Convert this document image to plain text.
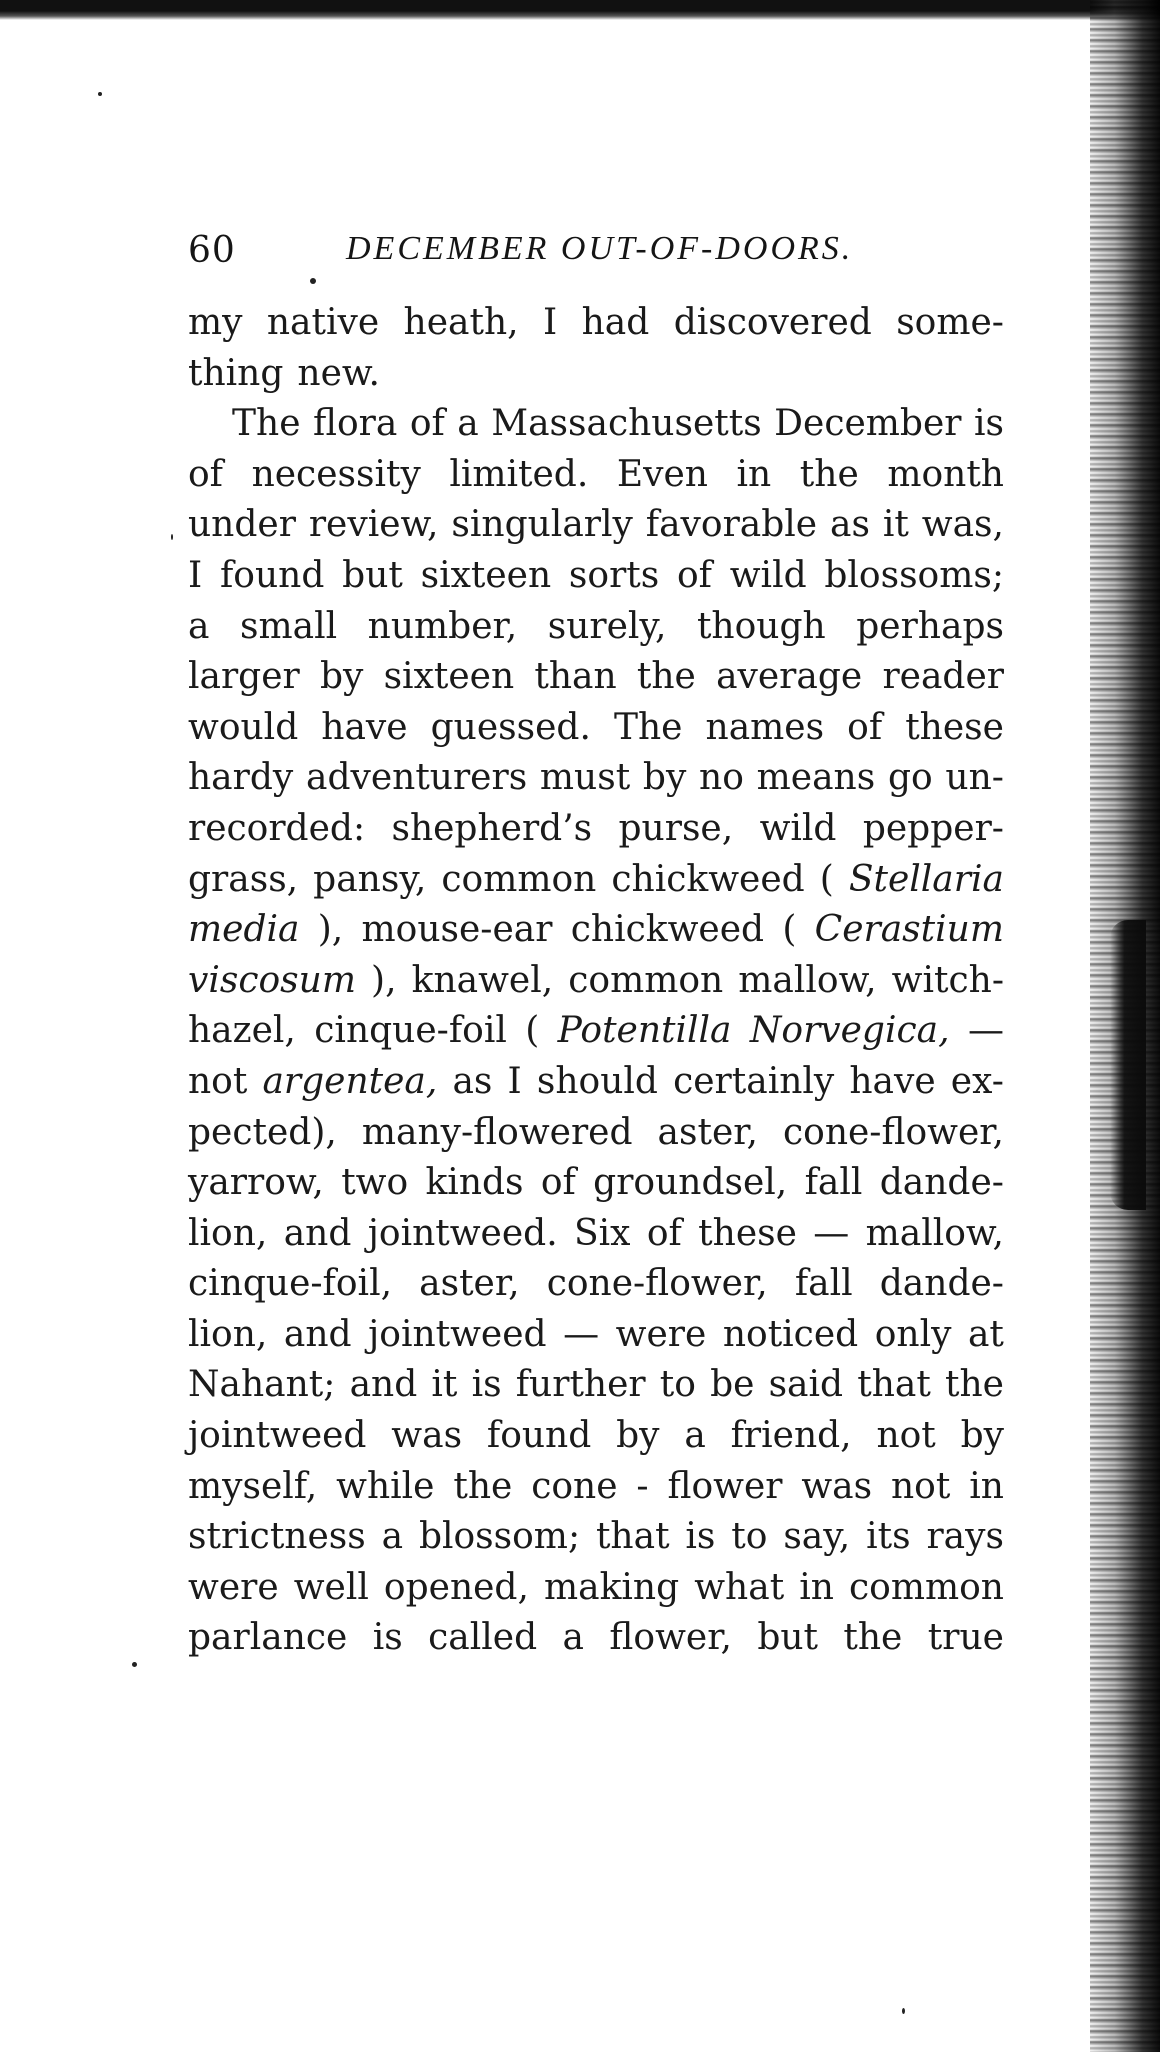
60	DECEMBER OUT-OF-DOORS.
my native heath, I had discovered some-
thing new.
The flora of a Massachusetts December is
of necessity limited. Even in the month
under review, singularly favorable as it was,
I found but sixteen sorts of wild blossoms;
a small number, surely, though perhaps
larger by sixteen than the average reader
would have guessed. The names of these
hardy adventurers must by no means go un-
recorded: shepherd’s purse, wild pepper-
grass, pansy, common chickweed ( Stellaria
media ), mouse-ear chickweed ( Cerastium
viscosum ), knawel, common mallow, witch-
hazel, cinque-foil ( Potentilla Norvegica, —
not argentea, as I should certainly have ex-
pected), many-flowered aster, cone-flower,
yarrow, two kinds of groundsel, fall dande-
lion, and jointweed. Six of these — mallow,
cinque-foil, aster, cone-flower, fall dande-
lion, and jointweed — were noticed only at
Nahant; and it is further to be said that the
jointweed was found by a friend, not by
myself, while the cone - flower was not in
strictness a blossom; that is to say, its rays
were well opened, making what in common
parlance is called a flower, but the true
